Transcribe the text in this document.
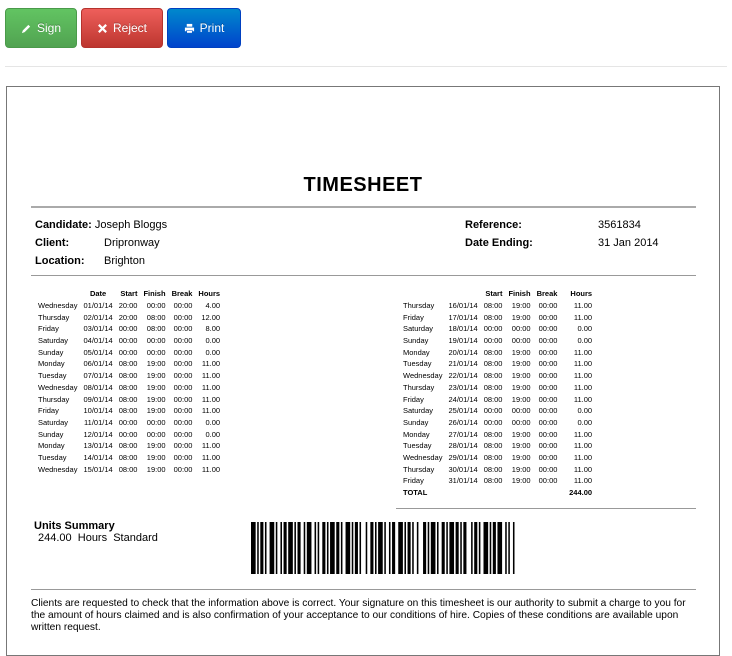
Sign	Reject	Print
TIMESHEET
Candidate: Joseph Bloggs
Client:	Dripronway
Location: Brighton
Reference:	3561834
Date Ending:	31 Jan 2014
	Date	Start	Finish	Break	Hours
Wednesday	01/01/14	20:00	00:00	00:00	4.00
Thursday	02/01/14	20:00	08:00	00:00	12.00
Friday	03/01/14	00:00	08:00	00:00	8.00
Saturday	04/01/14	00:00	00:00	00:00	0.00
Sunday	05/01/14	00:00	00:00	00:00	0.00
Monday	06/01/14	08:00	19:00	00:00	11.00
Tuesday	07/01/14	08:00	19:00	00:00	11.00
Wednesday	08/01/14	08:00	19:00	00:00	11.00
Thursday	09/01/14	08:00	19:00	00:00	11.00
Friday	10/01/14	08:00	19:00	00:00	11.00
Saturday	11/01/14	00:00	00:00	00:00	0.00
Sunday	12/01/14	00:00	00:00	00:00	0.00
Monday	13/01/14	08:00	19:00	00:00	11.00
Tuesday	14/01/14	08:00	19:00	00:00	11.00
Wednesday	15/01/14	08:00	19:00	00:00	11.00
		Start	Finish	Break	Hours
Thursday	16/01/14	08:00	19:00	00:00	11.00
Friday	17/01/14	08:00	19:00	00:00	11.00
Saturday	18/01/14	00:00	00:00	00:00	0.00
Sunday	19/01/14	00:00	00:00	00:00	0.00
Monday	20/01/14	08:00	19:00	00:00	11.00
Tuesday	21/01/14	08:00	19:00	00:00	11.00
Wednesday	22/01/14	08:00	19:00	00:00	11.00
Thursday	23/01/14	08:00	19:00	00:00	11.00
Friday	24/01/14	08:00	19:00	00:00	11.00
Saturday	25/01/14	00:00	00:00	00:00	0.00
Sunday	26/01/14	00:00	00:00	00:00	0.00
Monday	27/01/14	08:00	19:00	00:00	11.00
Tuesday	28/01/14	08:00	19:00	00:00	11.00
Wednesday	29/01/14	08:00	19:00	00:00	11.00
Thursday	30/01/14	08:00	19:00	00:00	11.00
Friday	31/01/14	08:00	19:00	00:00	11.00
TOTAL					244.00
Units Summary
244.00  Hours  Standard
Clients are requested to check that the information above is correct. Your signature on this timesheet is our authority to submit a charge to you for the amount of hours claimed and is also confirmation of your acceptance to our conditions of hire. Copies of these conditions are available upon written request.
